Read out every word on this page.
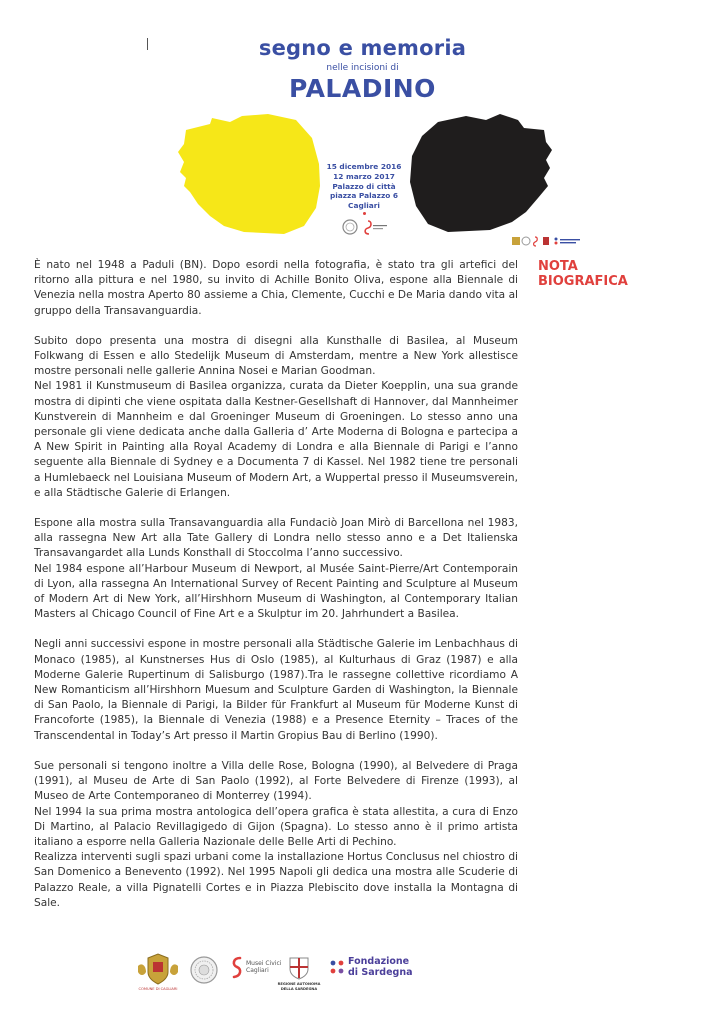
segno e memoria
nelle incisioni di
PALADINO
15 dicembre 2016
12 marzo 2017
Palazzo di città
piazza Palazzo 6
Cagliari
NOTA
BIOGRAFICA

È nato nel 1948 a Paduli (BN). Dopo esordi nella fotografia, è stato tra gli artefici del ritorno alla pittura e nel 1980, su invito di Achille Bonito Oliva, espone alla Biennale di Venezia nella mostra Aperto 80 assieme a Chia, Clemente, Cucchi e De Maria dando vita al gruppo della Transavanguardia.

Subito dopo presenta una mostra di disegni alla Kunsthalle di Basilea, al Museum Folkwang di Essen e allo Stedelijk Museum di Amsterdam, mentre a New York allestisce mostre personali nelle gallerie Annina Nosei e Marian Goodman.
Nel 1981 il Kunstmuseum di Basilea organizza, curata da Dieter Koepplin, una sua grande mostra di dipinti che viene ospitata dalla Kestner-Gesellshaft di Hannover, dal Mannheimer Kunstverein di Mannheim e dal Groeninger Museum di Groeningen. Lo stesso anno una personale gli viene dedicata anche dalla Galleria d’ Arte Moderna di Bologna e partecipa a A New Spirit in Painting alla Royal Academy di Londra e alla Biennale di Parigi e l’anno seguente alla Biennale di Sydney e a Documenta 7 di Kassel. Nel 1982 tiene tre personali a Humlebaeck nel Louisiana Museum of Modern Art, a Wuppertal presso il Museumsverein, e alla Städtische Galerie di Erlangen.

Espone alla mostra sulla Transavanguardia alla Fundaciò Joan Mirò di Barcellona nel 1983, alla rassegna New Art alla Tate Gallery di Londra nello stesso anno e a Det Italienska Transavangardet alla Lunds Konsthall di Stoccolma l’anno successivo.
Nel 1984 espone all’Harbour Museum di Newport, al Musée Saint-Pierre/Art Contemporain di Lyon, alla rassegna An International Survey of Recent Painting and Sculpture al Museum of Modern Art di New York, all’Hirshhorn Museum di Washington, al Contemporary Italian Masters al Chicago Council of Fine Art e a Skulptur im 20. Jahrhundert a Basilea.

Negli anni successivi espone in mostre personali alla Städtische Galerie im Lenbachhaus di Monaco (1985), al Kunstnerses Hus di Oslo (1985), al Kulturhaus di Graz (1987) e alla Moderne Galerie Rupertinum di Salisburgo (1987).Tra le rassegne collettive ricordiamo A New Romanticism all’Hirshhorn Muesum and Sculpture Garden di Washington, la Biennale di San Paolo, la Biennale di Parigi, la Bilder für Frankfurt al Museum für Moderne Kunst di Francoforte (1985), la Biennale di Venezia (1988) e a Presence Eternity – Traces of the Transcendental in Today’s Art presso il Martin Gropius Bau di Berlino (1990).

Sue personali si tengono inoltre a Villa delle Rose, Bologna (1990), al Belvedere di Praga (1991), al Museu de Arte di San Paolo (1992), al Forte Belvedere di Firenze (1993), al Museo de Arte Contemporaneo di Monterrey (1994).
Nel 1994 la sua prima mostra antologica dell’opera grafica è stata allestita, a cura di Enzo Di Martino, al Palacio Revillagigedo di Gijon (Spagna). Lo stesso anno è il primo artista italiano a esporre nella Galleria Nazionale delle Belle Arti di Pechino.
Realizza interventi sugli spazi urbani come la installazione Hortus Conclusus nel chiostro di San Domenico a Benevento (1992). Nel 1995 Napoli gli dedica una mostra alle Scuderie di Palazzo Reale, a villa Pignatelli Cortes e in Piazza Plebiscito dove installa la Montagna di Sale.

COMUNE DI CAGLIARI
Musei Civici
Cagliari
REGIONE AUTONOMA
DELLA SARDEGNA
Fondazione
di Sardegna
